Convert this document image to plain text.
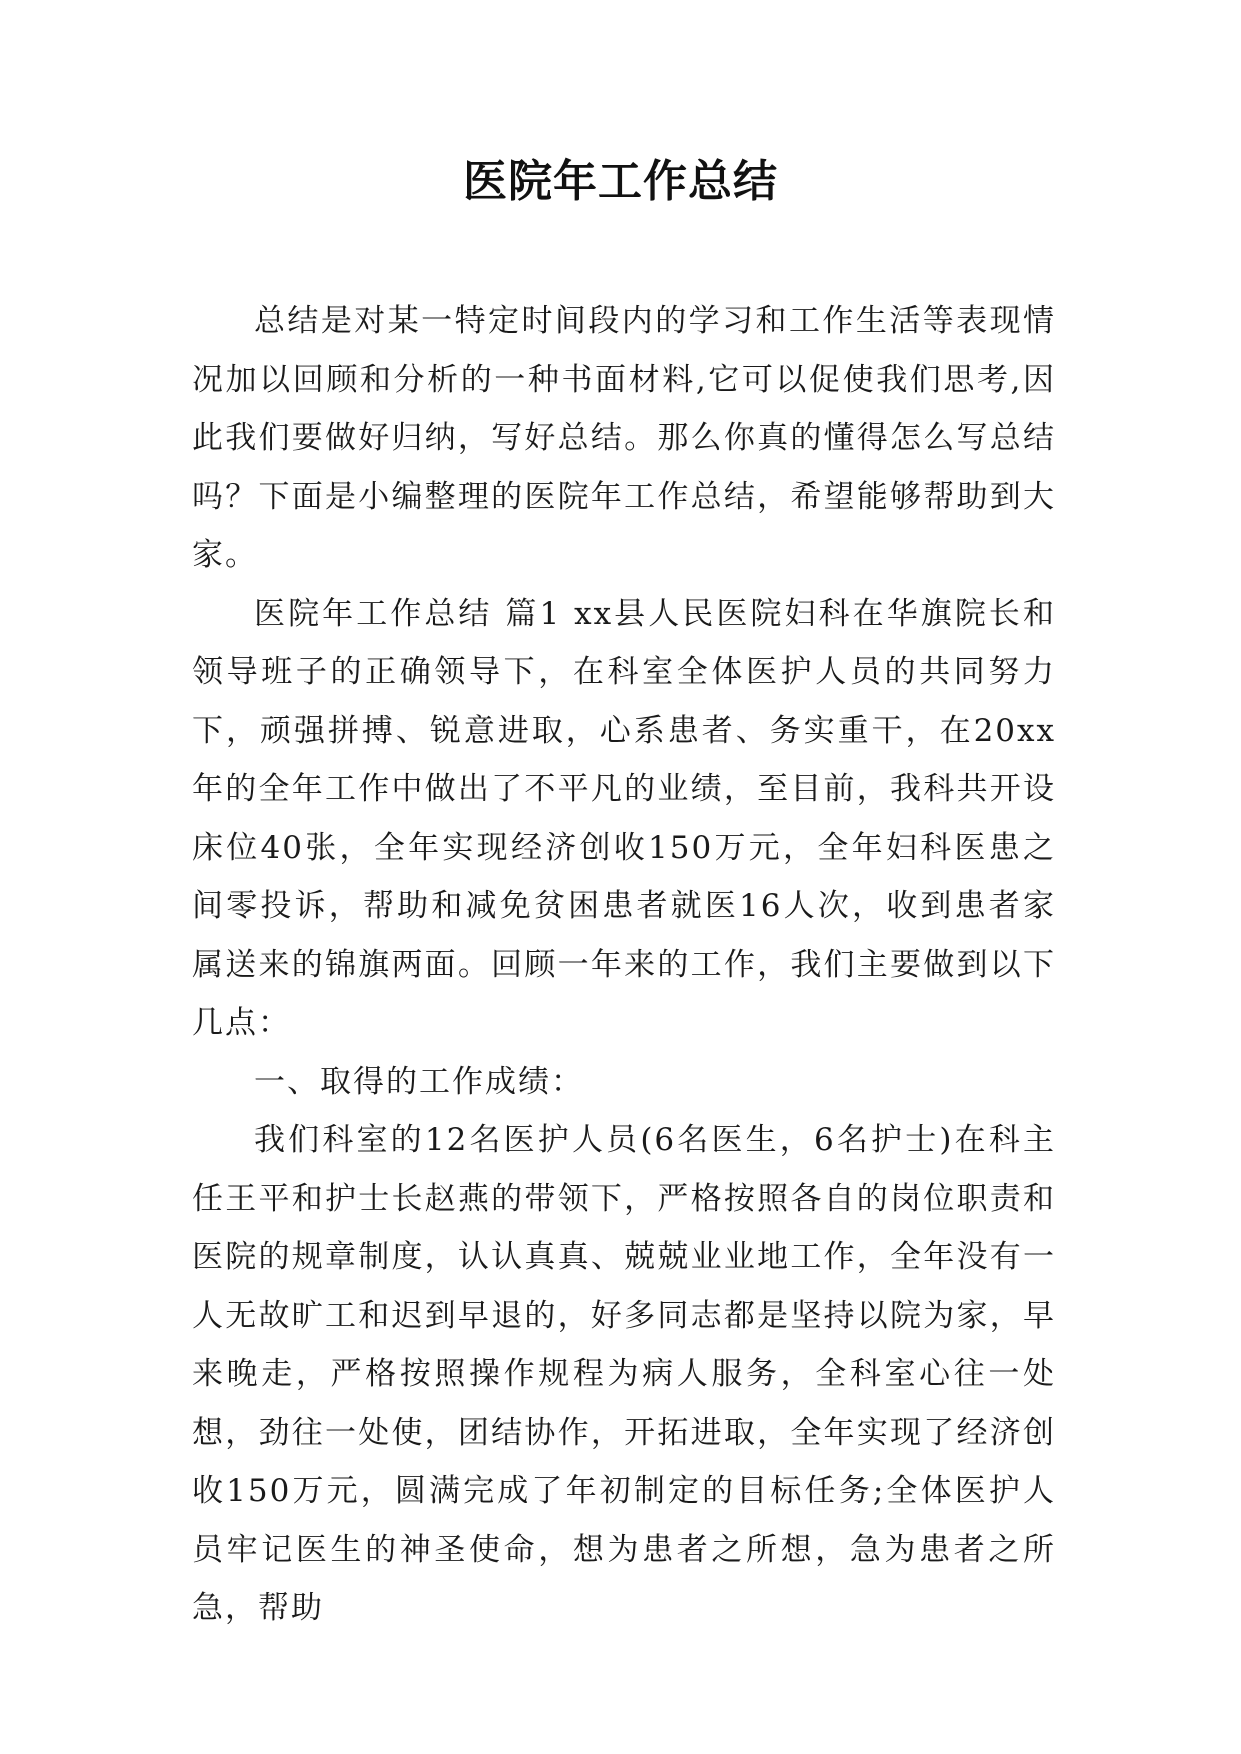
医院年工作总结

总结是对某一特定时间段内的学习和工作生活等表现情况加以回顾和分析的一种书面材料,它可以促使我们思考,因此我们要做好归纳，写好总结。那么你真的懂得怎么写总结吗？下面是小编整理的医院年工作总结，希望能够帮助到大家。

医院年工作总结 篇1 xx县人民医院妇科在华旗院长和领导班子的正确领导下，在科室全体医护人员的共同努力下，顽强拼搏、锐意进取，心系患者、务实重干，在20xx年的全年工作中做出了不平凡的业绩，至目前，我科共开设床位40张，全年实现经济创收150万元，全年妇科医患之间零投诉，帮助和减免贫困患者就医16人次，收到患者家属送来的锦旗两面。回顾一年来的工作，我们主要做到以下几点：

一、取得的工作成绩：

我们科室的12名医护人员(6名医生，6名护士)在科主任王平和护士长赵燕的带领下，严格按照各自的岗位职责和医院的规章制度，认认真真、兢兢业业地工作，全年没有一人无故旷工和迟到早退的，好多同志都是坚持以院为家，早来晚走，严格按照操作规程为病人服务，全科室心往一处想，劲往一处使，团结协作，开拓进取，全年实现了经济创收150万元，圆满完成了年初制定的目标任务;全体医护人员牢记医生的神圣使命，想为患者之所想，急为患者之所急，帮助
